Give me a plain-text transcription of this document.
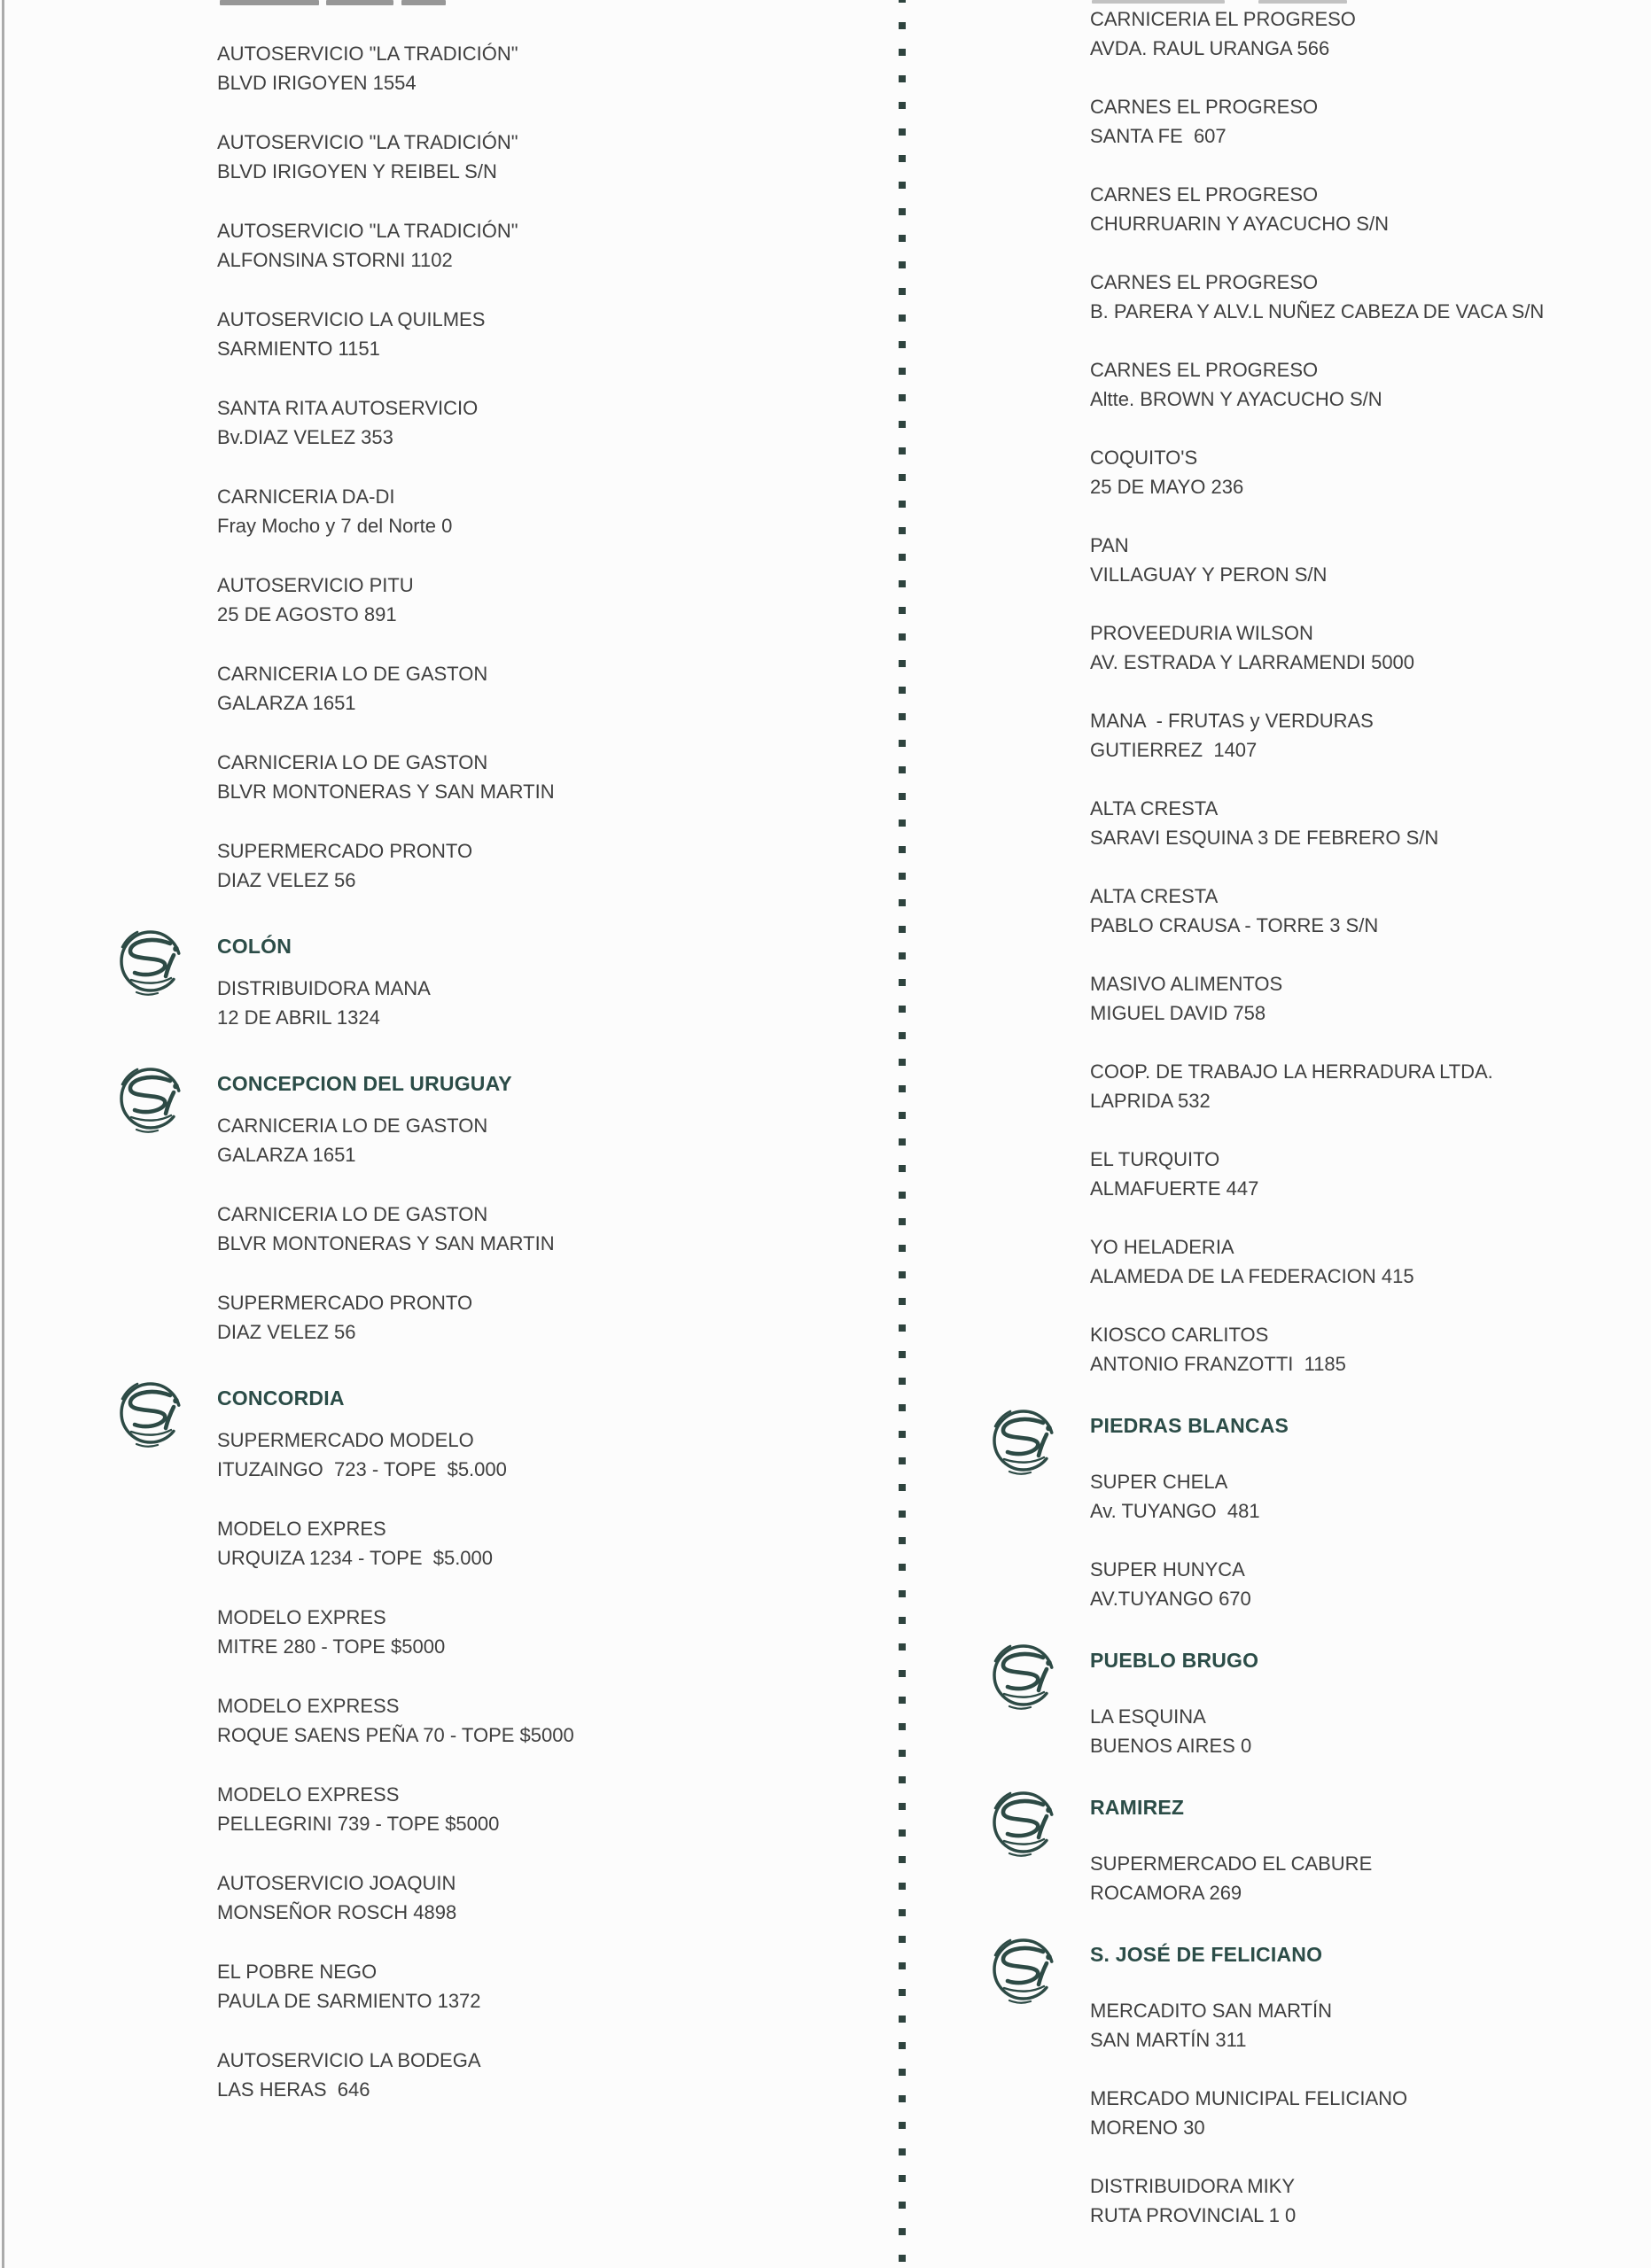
AUTOSERVICIO "LA TRADICIÓN"
BLVD IRIGOYEN 1554
AUTOSERVICIO "LA TRADICIÓN"
BLVD IRIGOYEN Y REIBEL S/N
AUTOSERVICIO "LA TRADICIÓN"
ALFONSINA STORNI 1102
AUTOSERVICIO LA QUILMES
SARMIENTO 1151
SANTA RITA AUTOSERVICIO
Bv.DIAZ VELEZ 353
CARNICERIA DA-DI
Fray Mocho y 7 del Norte 0
AUTOSERVICIO PITU
25 DE AGOSTO 891
CARNICERIA LO DE GASTON
GALARZA 1651
CARNICERIA LO DE GASTON
BLVR MONTONERAS Y SAN MARTIN
SUPERMERCADO PRONTO
DIAZ VELEZ 56
COLÓN
DISTRIBUIDORA MANA
12 DE ABRIL 1324
CONCEPCION DEL URUGUAY
CARNICERIA LO DE GASTON
GALARZA 1651
CARNICERIA LO DE GASTON
BLVR MONTONERAS Y SAN MARTIN
SUPERMERCADO PRONTO
DIAZ VELEZ 56
CONCORDIA
SUPERMERCADO MODELO
ITUZAINGO  723 - TOPE  $5.000
MODELO EXPRES
URQUIZA 1234 - TOPE  $5.000
MODELO EXPRES
MITRE 280 - TOPE $5000
MODELO EXPRESS
ROQUE SAENS PEÑA 70 - TOPE $5000
MODELO EXPRESS
PELLEGRINI 739 - TOPE $5000
AUTOSERVICIO JOAQUIN
MONSEÑOR ROSCH 4898
EL POBRE NEGO
PAULA DE SARMIENTO 1372
AUTOSERVICIO LA BODEGA
LAS HERAS  646
CARNICERIA EL PROGRESO
AVDA. RAUL URANGA 566
CARNES EL PROGRESO
SANTA FE  607
CARNES EL PROGRESO
CHURRUARIN Y AYACUCHO S/N
CARNES EL PROGRESO
B. PARERA Y ALV.L NUÑEZ CABEZA DE VACA S/N
CARNES EL PROGRESO
Altte. BROWN Y AYACUCHO S/N
COQUITO'S
25 DE MAYO 236
PAN
VILLAGUAY Y PERON S/N
PROVEEDURIA WILSON
AV. ESTRADA Y LARRAMENDI 5000
MANA  - FRUTAS y VERDURAS
GUTIERREZ  1407
ALTA CRESTA
SARAVI ESQUINA 3 DE FEBRERO S/N
ALTA CRESTA
PABLO CRAUSA - TORRE 3 S/N
MASIVO ALIMENTOS
MIGUEL DAVID 758
COOP. DE TRABAJO LA HERRADURA LTDA.
LAPRIDA 532
EL TURQUITO
ALMAFUERTE 447
YO HELADERIA
ALAMEDA DE LA FEDERACION 415
KIOSCO CARLITOS
ANTONIO FRANZOTTI  1185
PIEDRAS BLANCAS
SUPER CHELA
Av. TUYANGO  481
SUPER HUNYCA
AV.TUYANGO 670
PUEBLO BRUGO
LA ESQUINA
BUENOS AIRES 0
RAMIREZ
SUPERMERCADO EL CABURE
ROCAMORA 269
S. JOSÉ DE FELICIANO
MERCADITO SAN MARTÍN
SAN MARTÍN 311
MERCADO MUNICIPAL FELICIANO
MORENO 30
DISTRIBUIDORA MIKY
RUTA PROVINCIAL 1 0
